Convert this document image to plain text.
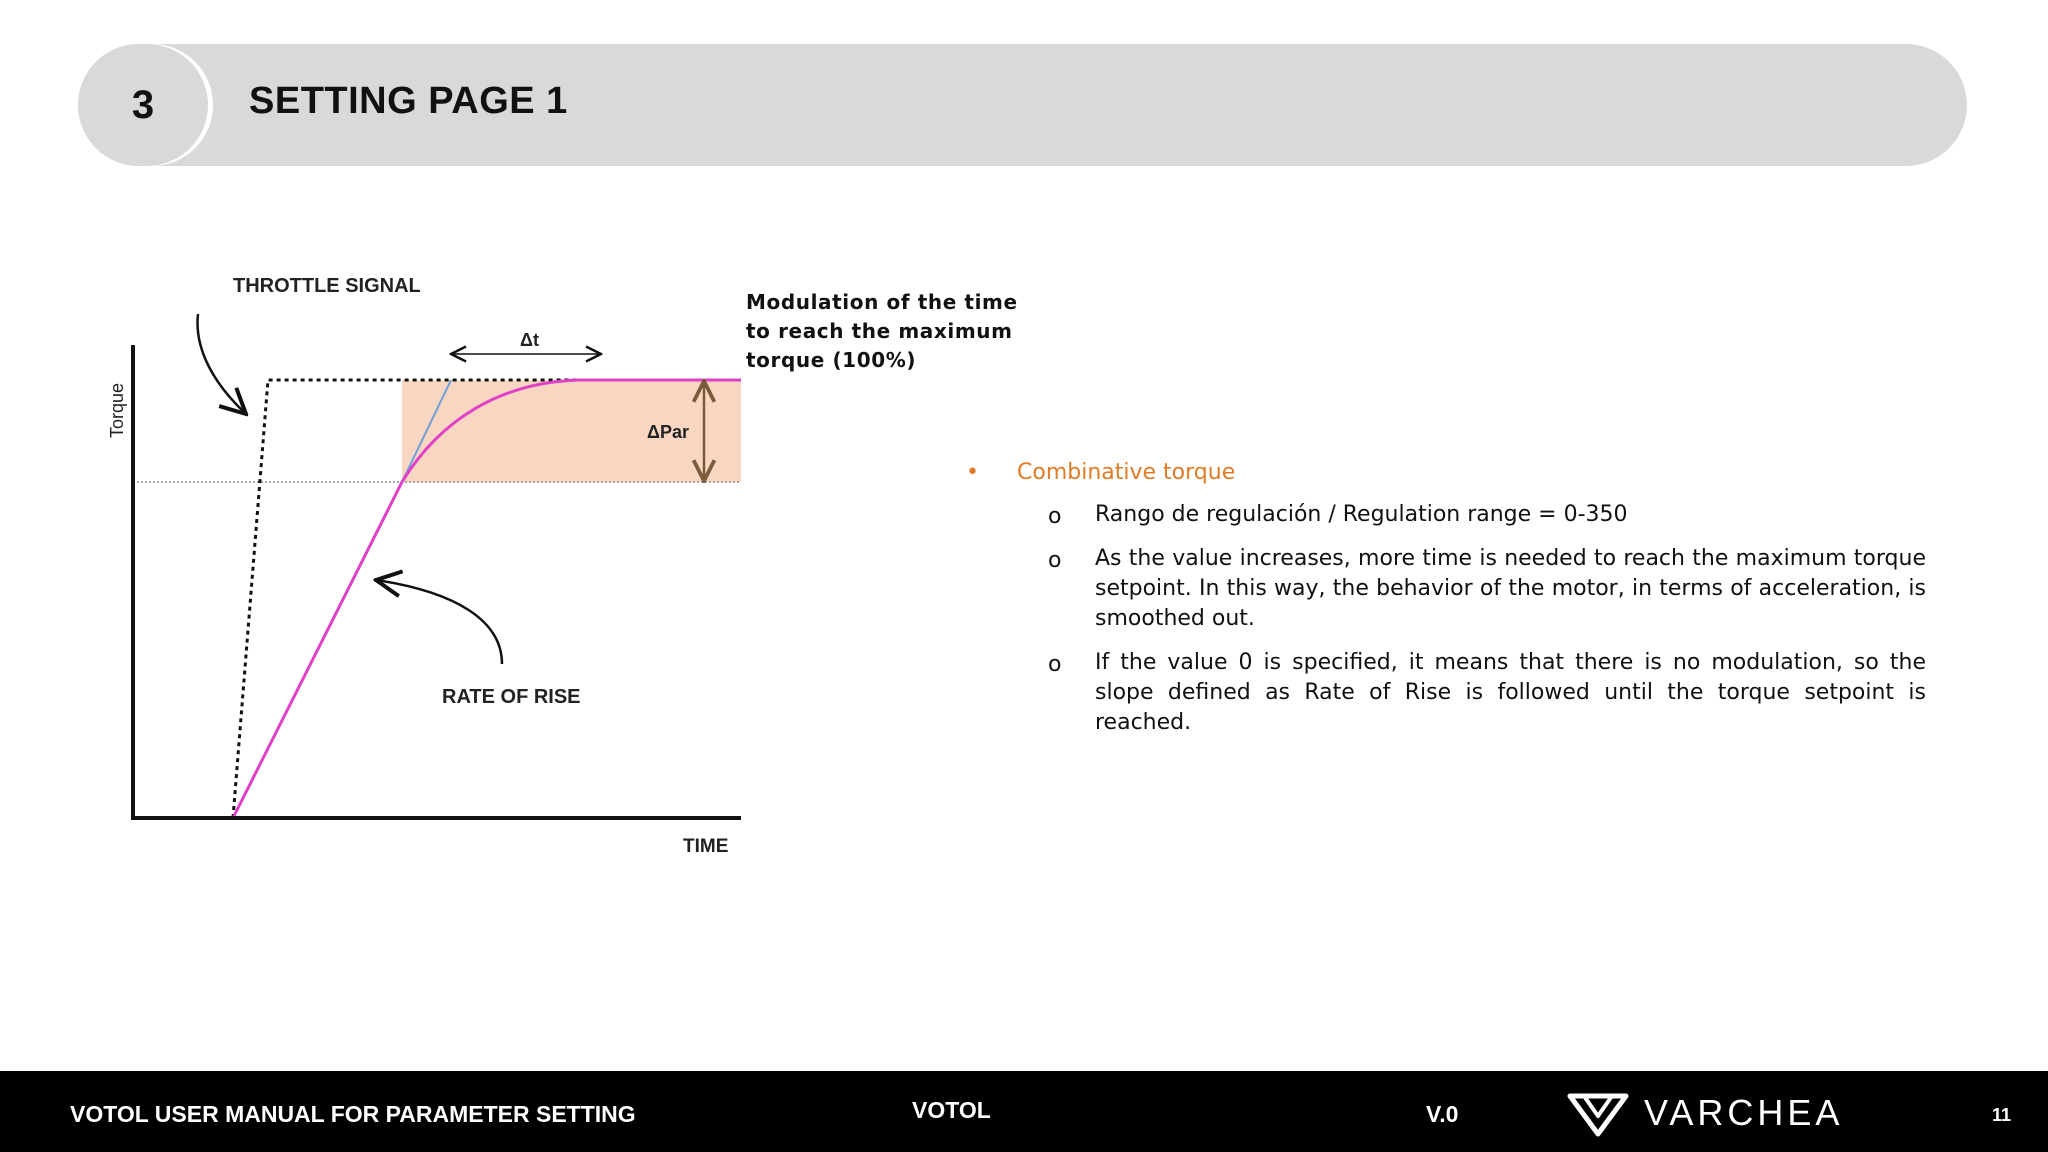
3	SETTING PAGE 1
THROTTLE SIGNAL
Δt
ΔPar
Torque
RATE OF RISE
TIME
Modulation of the time to reach the maximum torque (100%)
• Combinative torque
o Rango de regulación / Regulation range = 0-350
o As the value increases, more time is needed to reach the maximum torque setpoint. In this way, the behavior of the motor, in terms of acceleration, is smoothed out.
o If the value 0 is specified, it means that there is no modulation, so the slope defined as Rate of Rise is followed until the torque setpoint is reached.
VOTOL USER MANUAL FOR PARAMETER SETTING	VOTOL	V.0	VARCHEA	11
